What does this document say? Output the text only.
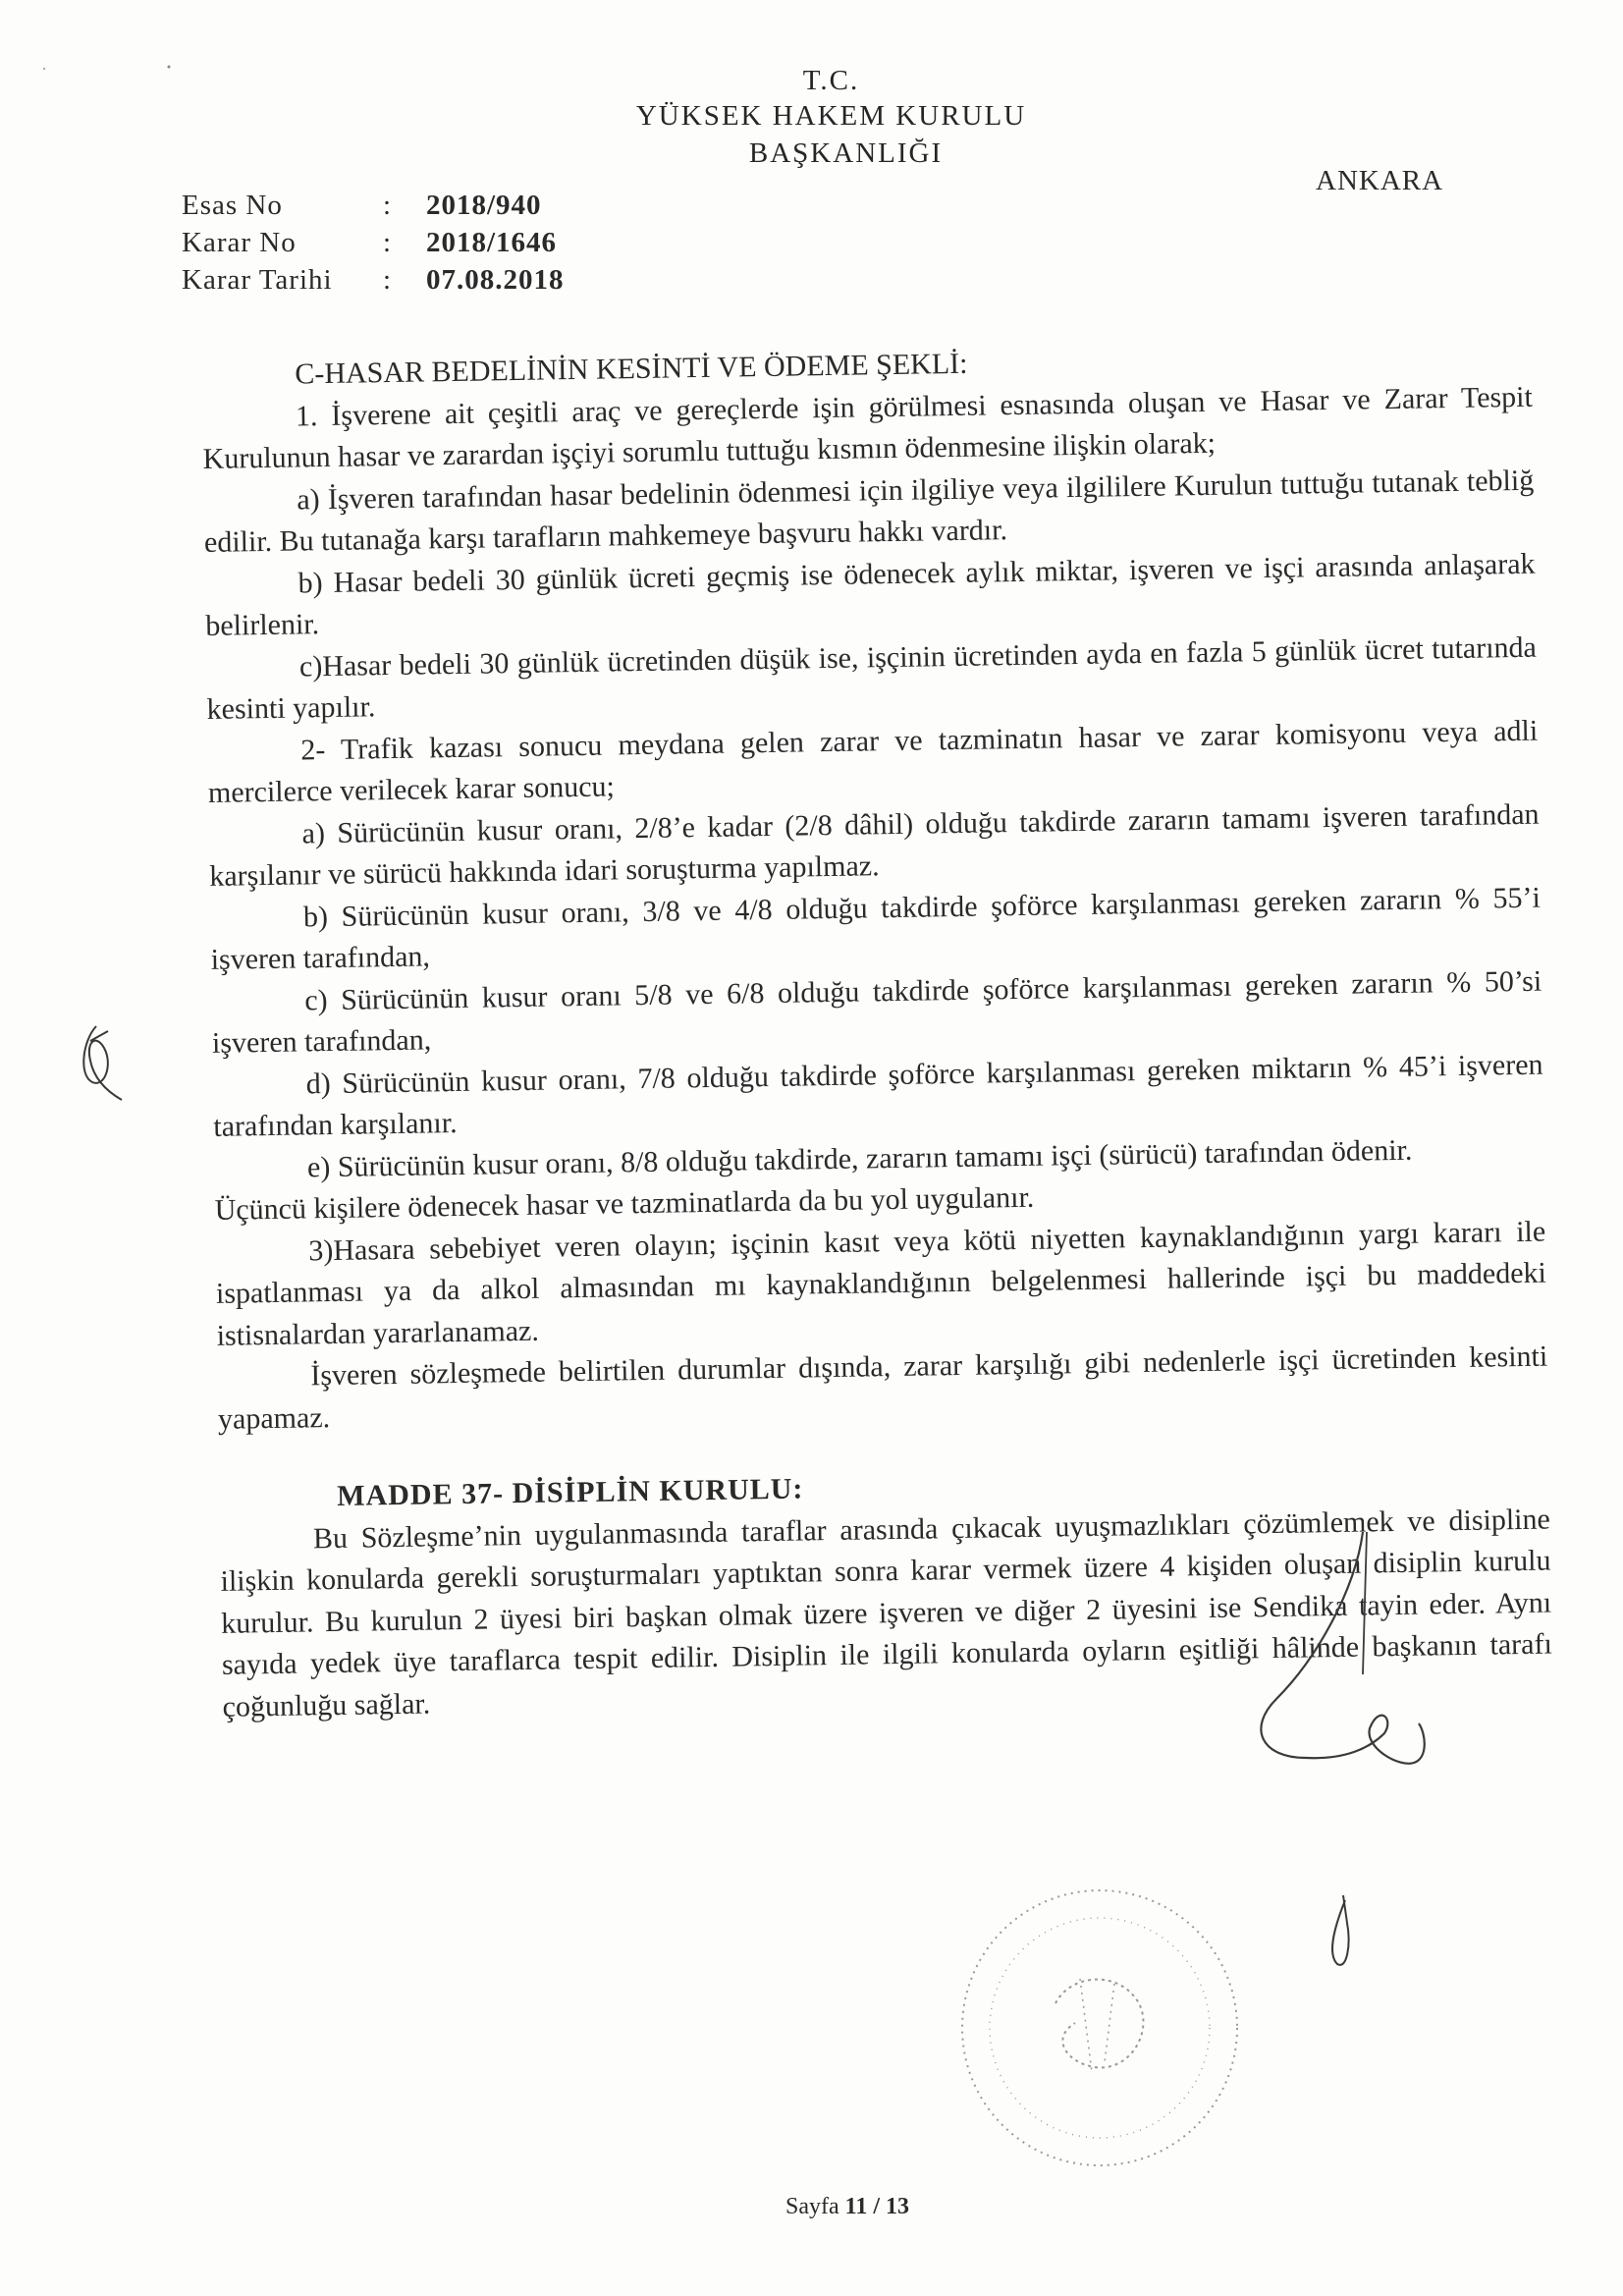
T.C.
YÜKSEK HAKEM KURULU
BAŞKANLIĞI
ANKARA
Esas No	: 2018/940
Karar No	: 2018/1646
Karar Tarihi : 07.08.2018

C-HASAR BEDELİNİN KESİNTİ VE ÖDEME ŞEKLİ:

1. İşverene ait çeşitli araç ve gereçlerde işin görülmesi esnasında oluşan ve Hasar ve Zarar Tespit Kurulunun hasar ve zarardan işçiyi sorumlu tuttuğu kısmın ödenmesine ilişkin olarak;

a) İşveren tarafından hasar bedelinin ödenmesi için ilgiliye veya ilgililere Kurulun tuttuğu tutanak tebliğ edilir. Bu tutanağa karşı tarafların mahkemeye başvuru hakkı vardır.

b) Hasar bedeli 30 günlük ücreti geçmiş ise ödenecek aylık miktar, işveren ve işçi arasında anlaşarak belirlenir.

c)Hasar bedeli 30 günlük ücretinden düşük ise, işçinin ücretinden ayda en fazla 5 günlük ücret tutarında kesinti yapılır.

2- Trafik kazası sonucu meydana gelen zarar ve tazminatın hasar ve zarar komisyonu veya adli mercilerce verilecek karar sonucu;

a) Sürücünün kusur oranı, 2/8’e kadar (2/8 dâhil) olduğu takdirde zararın tamamı işveren tarafından karşılanır ve sürücü hakkında idari soruşturma yapılmaz.

b) Sürücünün kusur oranı, 3/8 ve 4/8 olduğu takdirde şoförce karşılanması gereken zararın % 55’i işveren tarafından,

c) Sürücünün kusur oranı 5/8 ve 6/8 olduğu takdirde şoförce karşılanması gereken zararın % 50’si işveren tarafından,

d) Sürücünün kusur oranı, 7/8 olduğu takdirde şoförce karşılanması gereken miktarın % 45’i işveren tarafından karşılanır.

e) Sürücünün kusur oranı, 8/8 olduğu takdirde, zararın tamamı işçi (sürücü) tarafından ödenir.

Üçüncü kişilere ödenecek hasar ve tazminatlarda da bu yol uygulanır.

3)Hasara sebebiyet veren olayın; işçinin kasıt veya kötü niyetten kaynaklandığının yargı kararı ile ispatlanması ya da alkol almasından mı kaynaklandığının belgelenmesi hallerinde işçi bu maddedeki istisnalardan yararlanamaz.

İşveren sözleşmede belirtilen durumlar dışında, zarar karşılığı gibi nedenlerle işçi ücretinden kesinti yapamaz.

MADDE 37- DİSİPLİN KURULU:

Bu Sözleşme’nin uygulanmasında taraflar arasında çıkacak uyuşmazlıkları çözümlemek ve disipline ilişkin konularda gerekli soruşturmaları yaptıktan sonra karar vermek üzere 4 kişiden oluşan disiplin kurulu kurulur. Bu kurulun 2 üyesi biri başkan olmak üzere işveren ve diğer 2 üyesini ise Sendika tayin eder. Aynı sayıda yedek üye taraflarca tespit edilir. Disiplin ile ilgili konularda oyların eşitliği hâlinde başkanın tarafı çoğunluğu sağlar.

Sayfa 11 / 13
